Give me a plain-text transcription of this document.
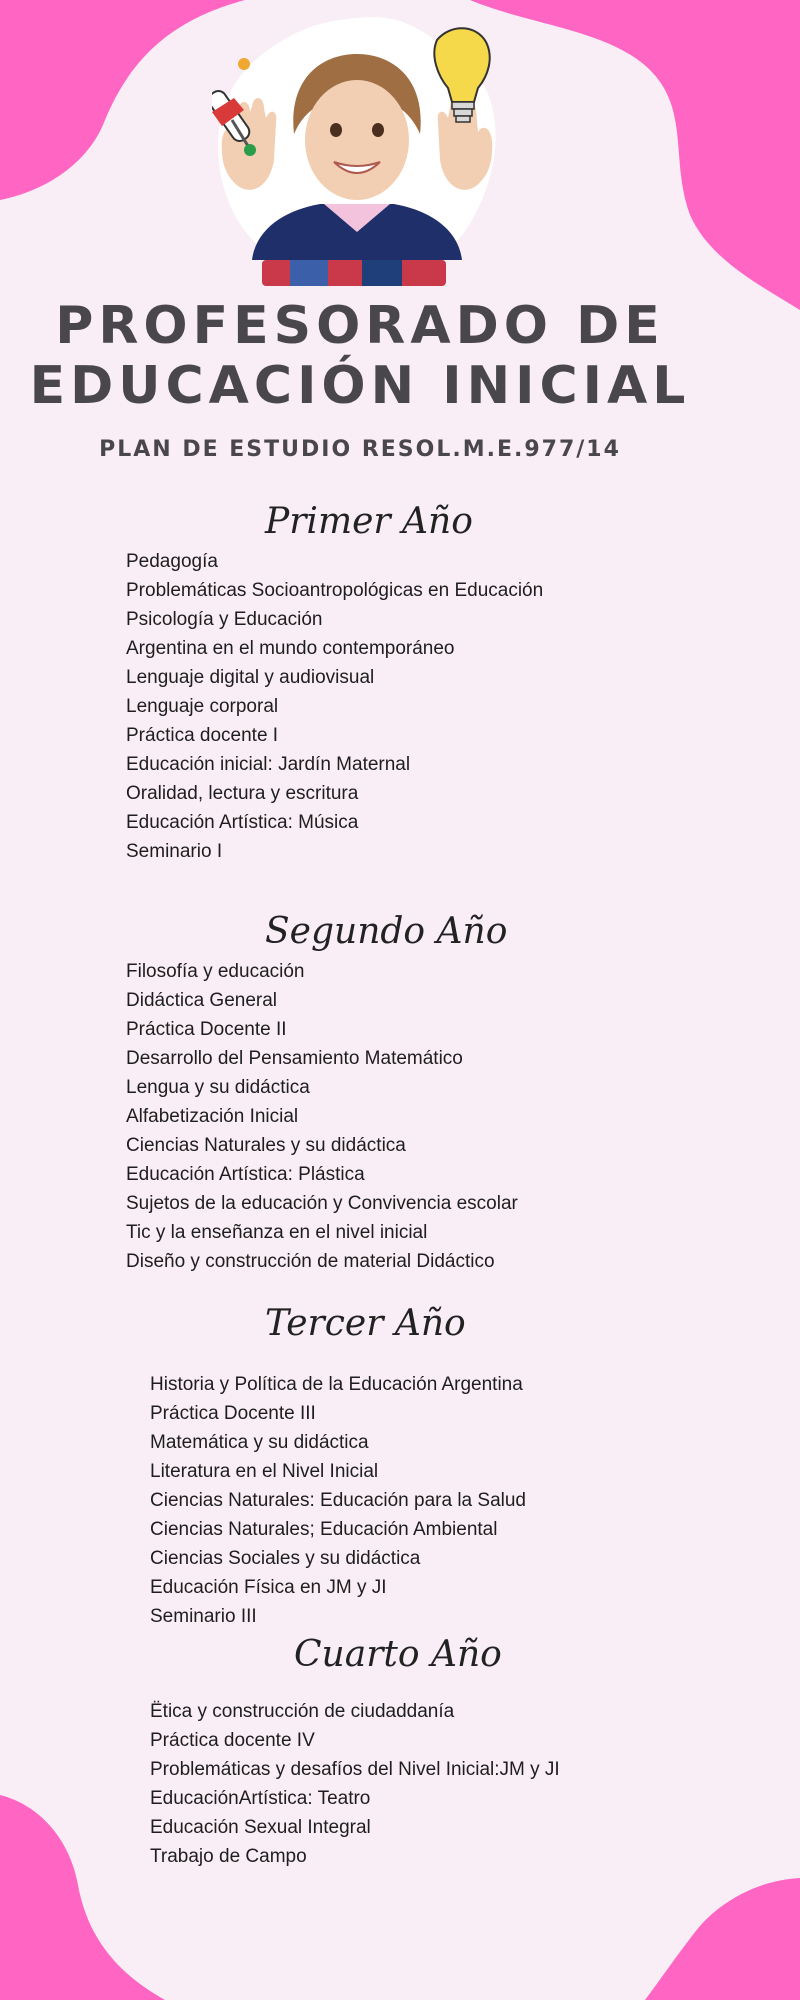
PROFESORADO DE
EDUCACIÓN INICIAL

PLAN DE ESTUDIO RESOL.M.E.977/14

Primer Año
Pedagogía
Problemáticas Socioantropológicas en Educación
Psicología y Educación
Argentina en el mundo contemporáneo
Lenguaje digital y audiovisual
Lenguaje corporal
Práctica docente I
Educación inicial: Jardín Maternal
Oralidad, lectura y escritura
Educación Artística: Música
Seminario I
Segundo Año
Filosofía y educación
Didáctica General
Práctica Docente II
Desarrollo del Pensamiento Matemático
Lengua y su didáctica
Alfabetización Inicial
Ciencias Naturales y su didáctica
Educación Artística: Plástica
Sujetos de la educación y Convivencia escolar
Tic y la enseñanza en el nivel inicial
Diseño y construcción de material Didáctico
Tercer Año
Historia y Política de la Educación Argentina
Práctica Docente III
Matemática y su didáctica
Literatura en el Nivel Inicial
Ciencias Naturales: Educación para la Salud
Ciencias Naturales; Educación Ambiental
Ciencias Sociales y su didáctica
Educación Física en JM y JI
Seminario III
Cuarto Año
Ëtica y construcción de ciudaddanía
Práctica docente IV
Problemáticas y desafíos del Nivel Inicial:JM y JI
EducaciónArtística: Teatro
Educación Sexual Integral
Trabajo de Campo
